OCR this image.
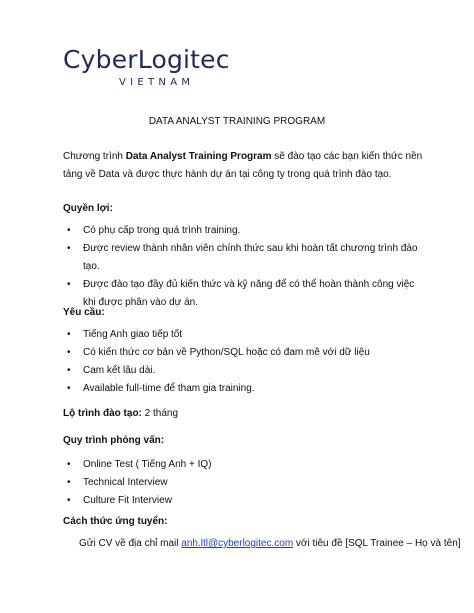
CyberLogitec
VIETNAM
DATA ANALYST TRAINING PROGRAM
Chương trình Data Analyst Training Program sẽ đào tạo các bạn kiến thức nền tảng về Data và được thực hành dự án tại công ty trong quá trình đào tạo.
Quyền lợi:
• Có phụ cấp trong quá trình training.
• Được review thành nhân viên chính thức sau khi hoàn tất chương trình đào tạo.
• Được đào tạo đầy đủ kiến thức và kỹ năng để có thể hoàn thành công việc khi được phân vào dự án.
Yêu cầu:
• Tiếng Anh giao tiếp tốt
• Có kiến thức cơ bản về Python/SQL hoặc có đam mê với dữ liệu
• Cam kết lâu dài.
• Available full-time để tham gia training.
Lộ trình đào tạo: 2 tháng
Quy trình phỏng vấn:
• Online Test ( Tiếng Anh + IQ)
• Technical Interview
• Culture Fit Interview
Cách thức ứng tuyển:
Gửi CV về địa chỉ mail anh.ltl@cyberlogitec.com với tiêu đề [SQL Trainee – Họ và tên]
